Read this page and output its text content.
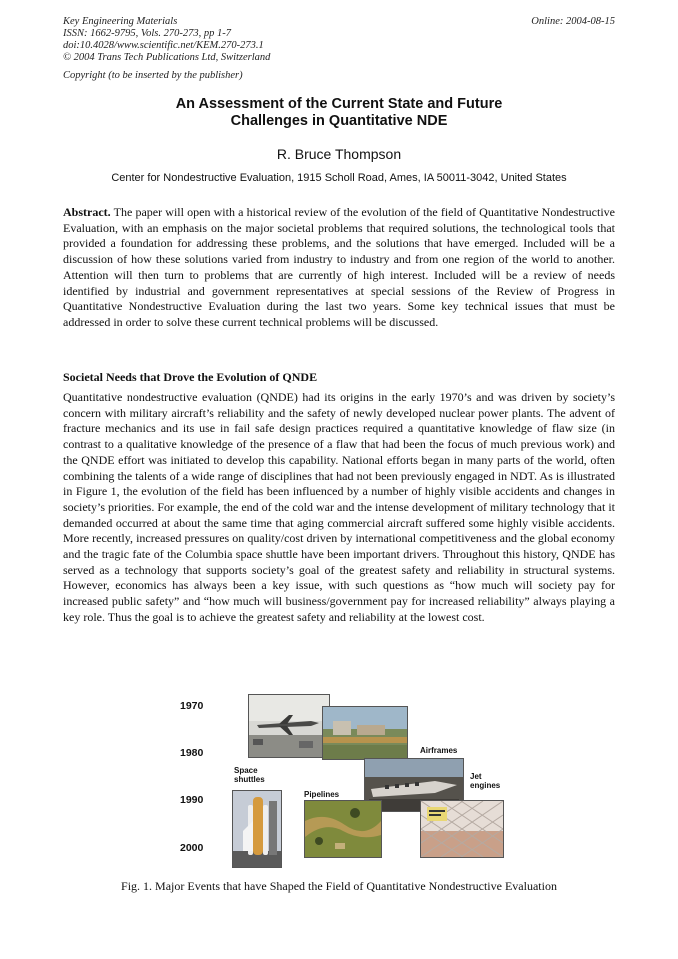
Key Engineering Materials
ISSN: 1662-9795, Vols. 270-273, pp 1-7
doi:10.4028/www.scientific.net/KEM.270-273.1
© 2004 Trans Tech Publications Ltd, Switzerland
Online: 2004-08-15
Copyright (to be inserted by the publisher)
An Assessment of the Current State and Future
Challenges in Quantitative NDE
R. Bruce Thompson
Center for Nondestructive Evaluation, 1915 Scholl Road, Ames, IA 50011-3042, United States
Abstract. The paper will open with a historical review of the evolution of the field of Quantitative Nondestructive Evaluation, with an emphasis on the major societal problems that required solutions, the technological tools that provided a foundation for addressing these problems, and the solutions that have emerged. Included will be a discussion of how these solutions varied from industry to industry and from one region of the world to another. Attention will then turn to problems that are currently of high interest. Included will be a review of needs identified by industrial and government representatives at special sessions of the Review of Progress in Quantitative Nondestructive Evaluation during the last two years. Some key technical issues that must be addressed in order to solve these current technical problems will be discussed.
Societal Needs that Drove the Evolution of QNDE
Quantitative nondestructive evaluation (QNDE) had its origins in the early 1970’s and was driven by society’s concern with military aircraft’s reliability and the safety of newly developed nuclear power plants. The advent of fracture mechanics and its use in fail safe design practices required a quantitative knowledge of flaw size (in contrast to a qualitative knowledge of the presence of a flaw that had been the focus of much previous work) and the QNDE effort was initiated to develop this capability. National efforts began in many parts of the world, often combining the talents of a wide range of disciplines that had not been previously engaged in NDT. As is illustrated in Figure 1, the evolution of the field has been influenced by a number of highly visible accidents and changes in society’s priorities. For example, the end of the cold war and the intense development of military technology that it demanded occurred at about the same time that aging commercial aircraft suffered some highly visible accidents. More recently, increased pressures on quality/cost driven by international competitiveness and the global economy and the tragic fate of the Columbia space shuttle have been important drivers. Throughout this history, QNDE has served as a technology that supports society’s goal of the greatest safety and reliability in structural systems. However, economics has always been a key issue, with such questions as “how much will society pay for increased public safety” and “how much will business/government pay for increased reliability” always playing a key role. Thus the goal is to achieve the greatest safety and reliability at the lowest cost.
1970
1980
1990
2000
Airframes
Jet engines
Space shuttles
Pipelines
Fig. 1. Major Events that have Shaped the Field of Quantitative Nondestructive Evaluation
